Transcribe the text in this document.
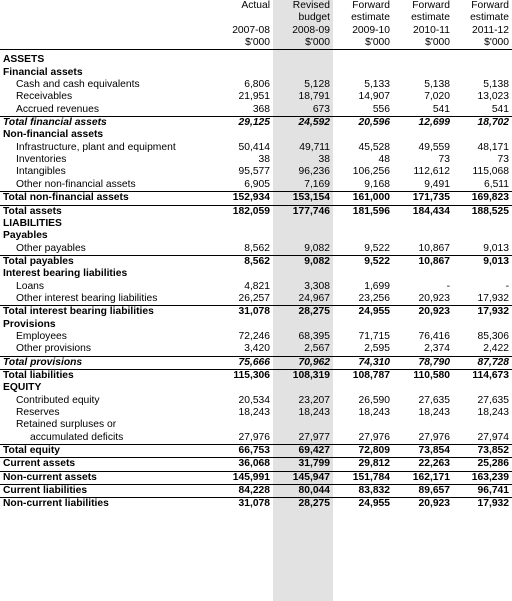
	Actual	Revised	Forward	Forward	Forward
		budget	estimate	estimate	estimate
	2007-08	2008-09	2009-10	2010-11	2011-12
	$'000	$'000	$'000	$'000	$'000

ASSETS					
Financial assets					
Cash and cash equivalents	6,806	5,128	5,133	5,138	5,138
Receivables	21,951	18,791	14,907	7,020	13,023
Accrued revenues	368	673	556	541	541
Total financial assets	29,125	24,592	20,596	12,699	18,702
Non-financial assets					
Infrastructure, plant and equipment	50,414	49,711	45,528	49,559	48,171
Inventories	38	38	48	73	73
Intangibles	95,577	96,236	106,256	112,612	115,068
Other non-financial assets	6,905	7,169	9,168	9,491	6,511
Total non-financial assets	152,934	153,154	161,000	171,735	169,823
Total assets	182,059	177,746	181,596	184,434	188,525
LIABILITIES					
Payables					
Other payables	8,562	9,082	9,522	10,867	9,013
Total payables	8,562	9,082	9,522	10,867	9,013
Interest bearing liabilities					
Loans	4,821	3,308	1,699	-	-
Other interest bearing liabilities	26,257	24,967	23,256	20,923	17,932
Total interest bearing liabilities	31,078	28,275	24,955	20,923	17,932
Provisions					
Employees	72,246	68,395	71,715	76,416	85,306
Other provisions	3,420	2,567	2,595	2,374	2,422
Total provisions	75,666	70,962	74,310	78,790	87,728
Total liabilities	115,306	108,319	108,787	110,580	114,673
EQUITY					
Contributed equity	20,534	23,207	26,590	27,635	27,635
Reserves	18,243	18,243	18,243	18,243	18,243
Retained surpluses or					
accumulated deficits	27,976	27,977	27,976	27,976	27,974
Total equity	66,753	69,427	72,809	73,854	73,852
Current assets	36,068	31,799	29,812	22,263	25,286
Non-current assets	145,991	145,947	151,784	162,171	163,239
Current liabilities	84,228	80,044	83,832	89,657	96,741
Non-current liabilities	31,078	28,275	24,955	20,923	17,932
